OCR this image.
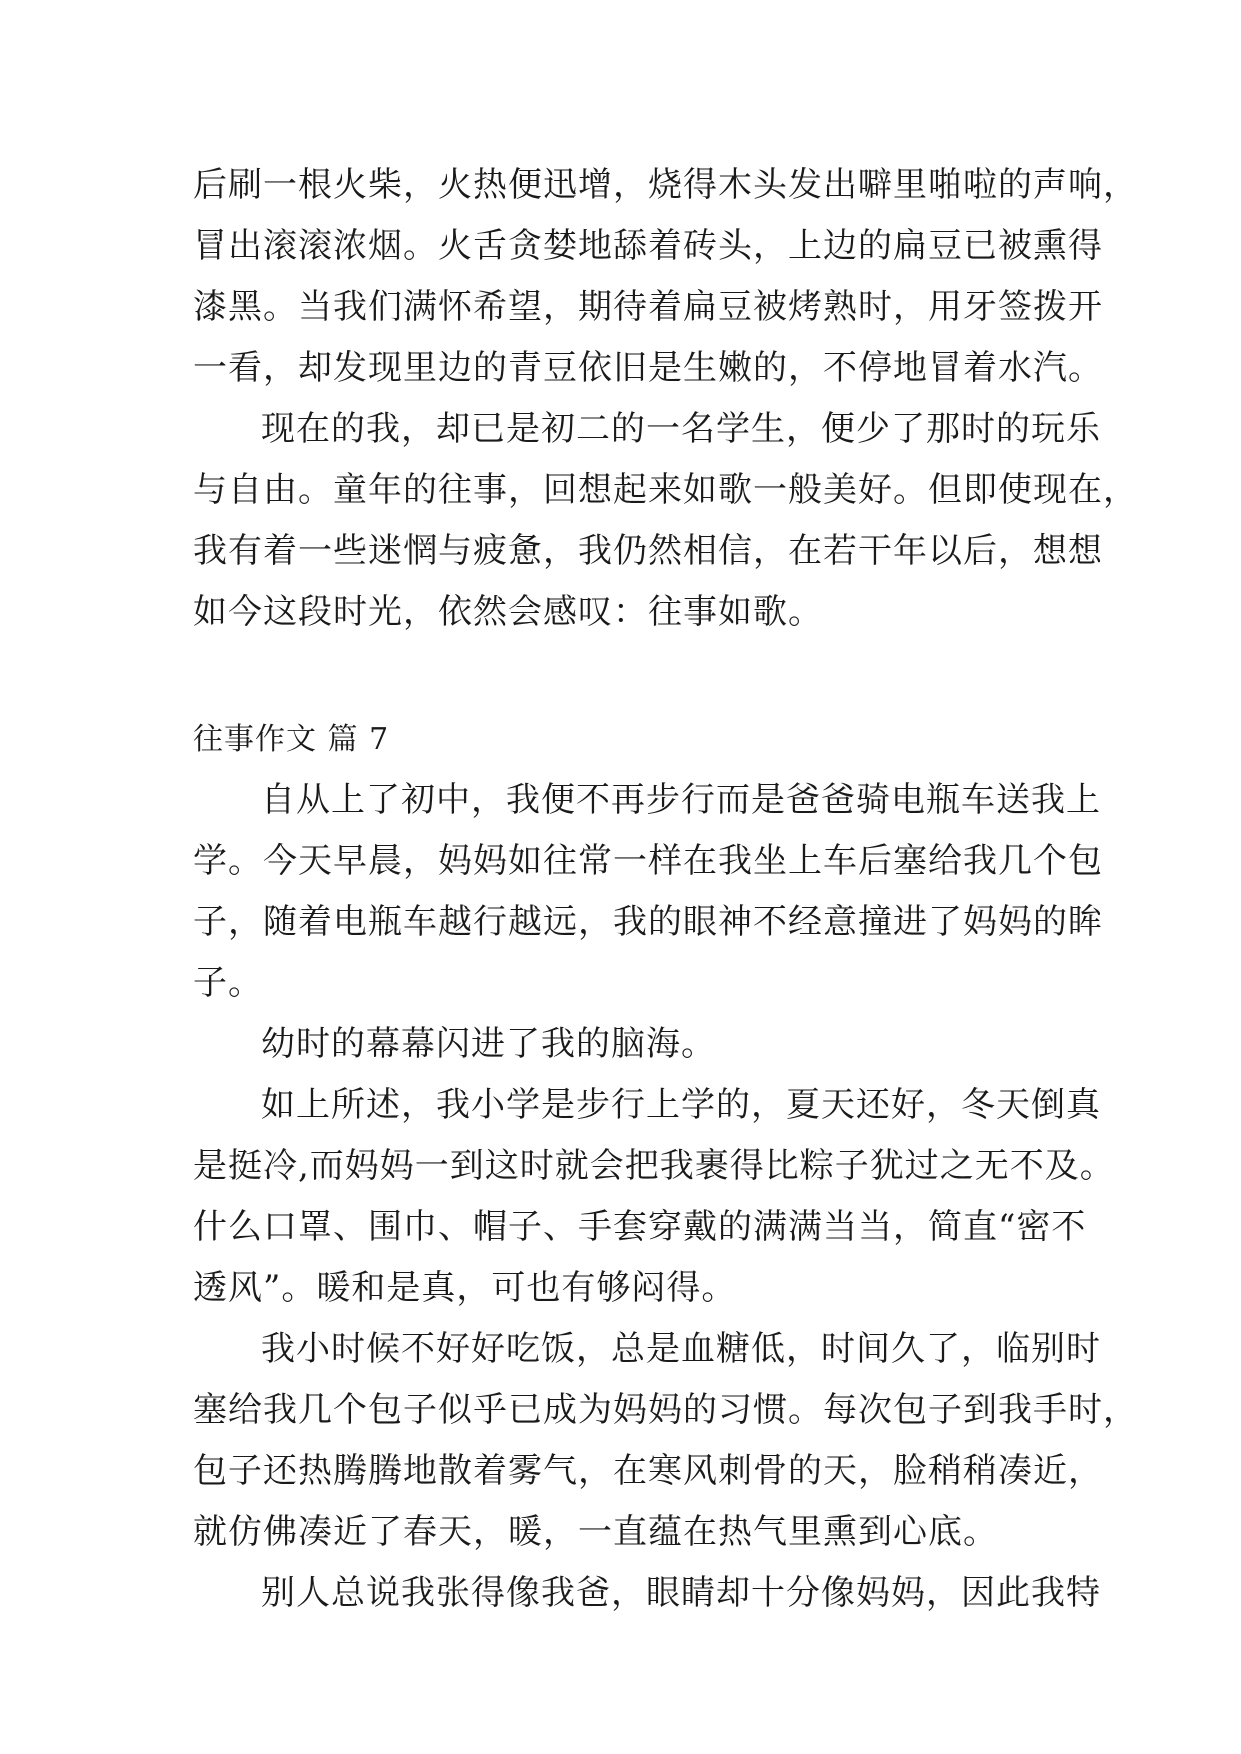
后刷一根火柴，火热便迅增，烧得木头发出噼里啪啦的声响，
冒出滚滚浓烟。火舌贪婪地舔着砖头，上边的扁豆已被熏得
漆黑。当我们满怀希望，期待着扁豆被烤熟时，用牙签拨开
一看，却发现里边的青豆依旧是生嫩的，不停地冒着水汽。
现在的我，却已是初二的一名学生，便少了那时的玩乐
与自由。童年的往事，回想起来如歌一般美好。但即使现在，
我有着一些迷惘与疲惫，我仍然相信，在若干年以后，想想
如今这段时光，依然会感叹：往事如歌。
往事作文 篇 7
自从上了初中，我便不再步行而是爸爸骑电瓶车送我上
学。今天早晨，妈妈如往常一样在我坐上车后塞给我几个包
子，随着电瓶车越行越远，我的眼神不经意撞进了妈妈的眸
子。
幼时的幕幕闪进了我的脑海。
如上所述，我小学是步行上学的，夏天还好，冬天倒真
是挺冷,而妈妈一到这时就会把我裹得比粽子犹过之无不及。
什么口罩、围巾、帽子、手套穿戴的满满当当，简直“密不
透风”。暖和是真，可也有够闷得。
我小时候不好好吃饭，总是血糖低，时间久了，临别时
塞给我几个包子似乎已成为妈妈的习惯。每次包子到我手时，
包子还热腾腾地散着雾气，在寒风刺骨的天，脸稍稍凑近，
就仿佛凑近了春天，暖，一直蕴在热气里熏到心底。
别人总说我张得像我爸，眼睛却十分像妈妈，因此我特
